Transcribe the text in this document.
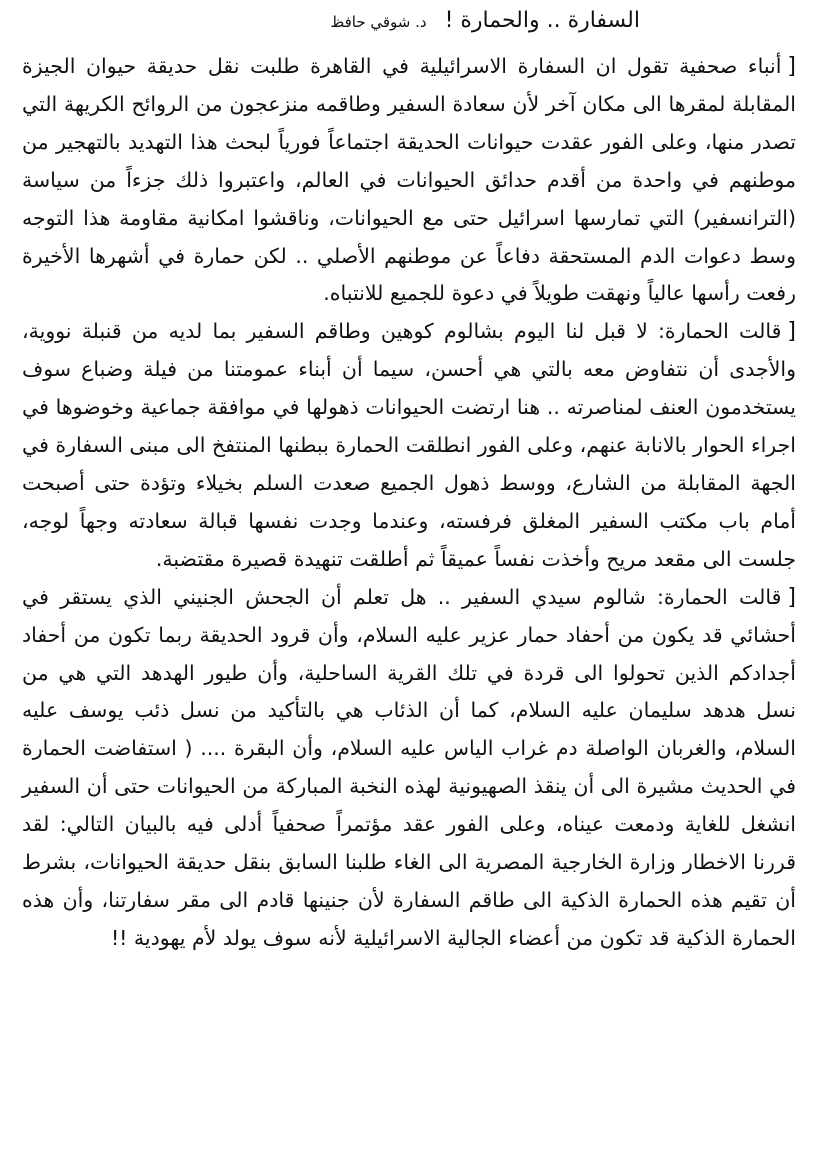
السفارة .. والحمارة !
د. شوقي حافظ

[أنباء صحفية تقول ان السفارة الاسرائيلية في القاهرة طلبت نقل حديقة حيوان الجيزة المقابلة لمقرها الى مكان آخر لأن سعادة السفير وطاقمه منزعجون من الروائح الكريهة التي تصدر منها، وعلى الفور عقدت حيوانات الحديقة اجتماعاً فورياً لبحث هذا التهديد بالتهجير من موطنهم في واحدة من أقدم حدائق الحيوانات في العالم، واعتبروا ذلك جزءاً من سياسة (الترانسفير) التي تمارسها اسرائيل حتى مع الحيوانات، وناقشوا امكانية مقاومة هذا التوجه وسط دعوات الدم المستحقة دفاعاً عن موطنهم الأصلي .. لكن حمارة في أشهرها الأخيرة رفعت رأسها عالياً ونهقت طويلاً في دعوة للجميع للانتباه.

[قالت الحمارة: لا قبل لنا اليوم بشالوم كوهين وطاقم السفير بما لديه من قنبلة نووية، والأجدى أن نتفاوض معه بالتي هي أحسن، سيما أن أبناء عمومتنا من فيلة وضباع سوف يستخدمون العنف لمناصرته .. هنا ارتضت الحيوانات ذهولها في موافقة جماعية وخوضوها في اجراء الحوار بالانابة عنهم، وعلى الفور انطلقت الحمارة ببطنها المنتفخ الى مبنى السفارة في الجهة المقابلة من الشارع، ووسط ذهول الجميع صعدت السلم بخيلاء وتؤدة حتى أصبحت أمام باب مكتب السفير المغلق فرفسته، وعندما وجدت نفسها قبالة سعادته وجهاً لوجه، جلست الى مقعد مريح وأخذت نفساً عميقاً ثم أطلقت تنهيدة قصيرة مقتضبة.

[قالت الحمارة: شالوم سيدي السفير .. هل تعلم أن الجحش الجنيني الذي يستقر في أحشائي قد يكون من أحفاد حمار عزير عليه السلام، وأن قرود الحديقة ربما تكون من أحفاد أجدادكم الذين تحولوا الى قردة في تلك القرية الساحلية، وأن طيور الهدهد التي هي من نسل هدهد سليمان عليه السلام، كما أن الذئاب هي بالتأكيد من نسل ذئب يوسف عليه السلام، والغربان الواصلة دم غراب الياس عليه السلام، وأن البقرة .... ( استفاضت الحمارة في الحديث مشيرة الى أن ينقذ الصهيونية لهذه النخبة المباركة من الحيوانات حتى أن السفير انشغل للغاية ودمعت عيناه، وعلى الفور عقد مؤتمراً صحفياً أدلى فيه بالبيان التالي: لقد قررنا الاخطار وزارة الخارجية المصرية الى الغاء طلبنا السابق بنقل حديقة الحيوانات، بشرط أن تقيم هذه الحمارة الذكية الى طاقم السفارة لأن جنينها قادم الى مقر سفارتنا، وأن هذه الحمارة الذكية قد تكون من أعضاء الجالية الاسرائيلية لأنه سوف يولد لأم يهودية !!
